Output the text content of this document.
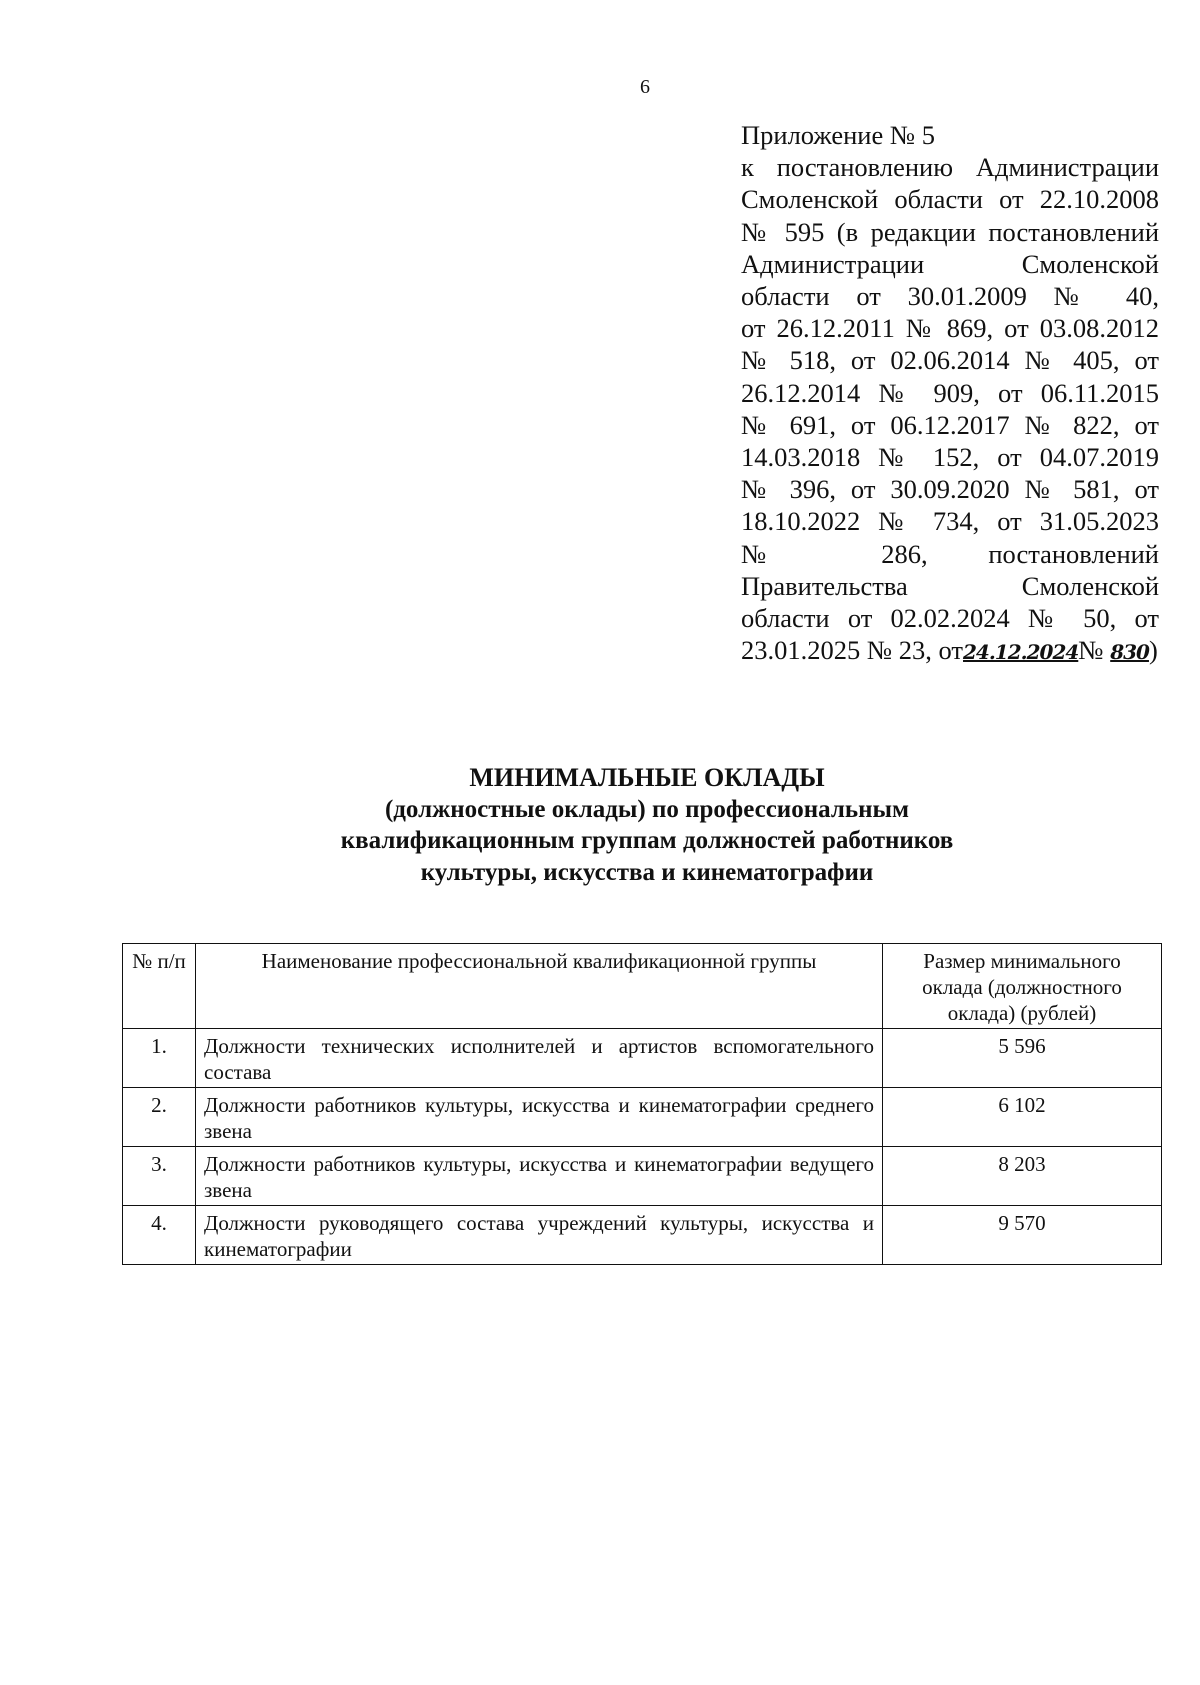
6
Приложение № 5
к постановлению Администрации
Смоленской области от 22.10.2008
№ 595 (в редакции постановлений
Администрации Смоленской
области от 30.01.2009 № 40,
от 26.12.2011 № 869, от 03.08.2012
№ 518, от 02.06.2014 № 405, от
26.12.2014 № 909, от 06.11.2015
№ 691, от 06.12.2017 № 822, от
14.03.2018 № 152, от 04.07.2019
№ 396, от 30.09.2020 № 581, от
18.10.2022 № 734, от 31.05.2023
№ 286, постановлений
Правительства Смоленской
области от 02.02.2024 № 50, от
23.01.2025 № 23, от24.12.2024№ 830)
МИНИМАЛЬНЫЕ ОКЛАДЫ
(должностные оклады) по профессиональным
квалификационным группам должностей работников
культуры, искусства и кинематографии
№ п/п	Наименование профессиональной квалификационной группы	Размер минимального оклада (должностного оклада) (рублей)
1.	Должности технических исполнителей и артистов вспомогательного состава	5 596
2.	Должности работников культуры, искусства и кинематографии среднего звена	6 102
3.	Должности работников культуры, искусства и кинематографии ведущего звена	8 203
4.	Должности руководящего состава учреждений культуры, искусства и кинематографии	9 570
